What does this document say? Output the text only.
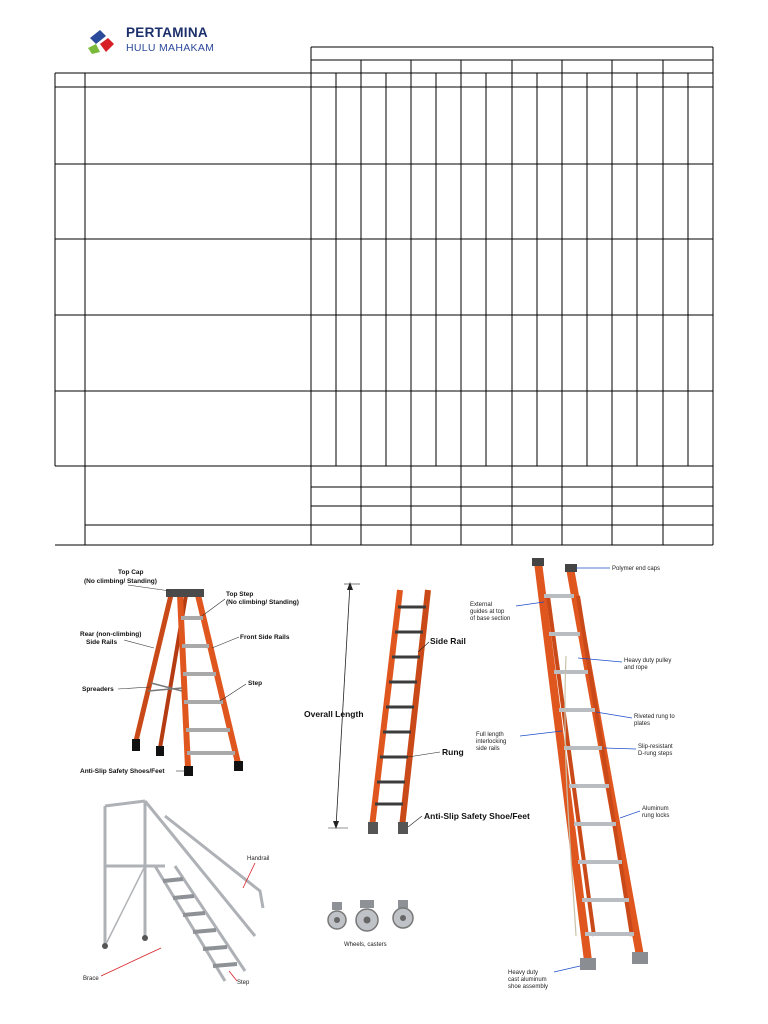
PERTAMINA
HULU MAHAKAM
Top Cap
(No climbing/ Standing)
Top Step
(No climbing/ Standing)
Rear (non-climbing)
Side Rails
Front Side Rails
Spreaders
Step
Anti-Slip Safety Shoes/Feet
Overall Length
Side Rail
Rung
Anti-Slip Safety Shoe/Feet
Polymer end caps
External
guides at top
of base section
Heavy duty pulley
and rope
Riveted rung to
plates
Full length
interlocking
side rails	Slip-resistant
D-rung steps
Aluminum
rung locks
Heavy duty
cast aluminum
shoe assembly
Handrail
Brace
Step
Wheels, casters
